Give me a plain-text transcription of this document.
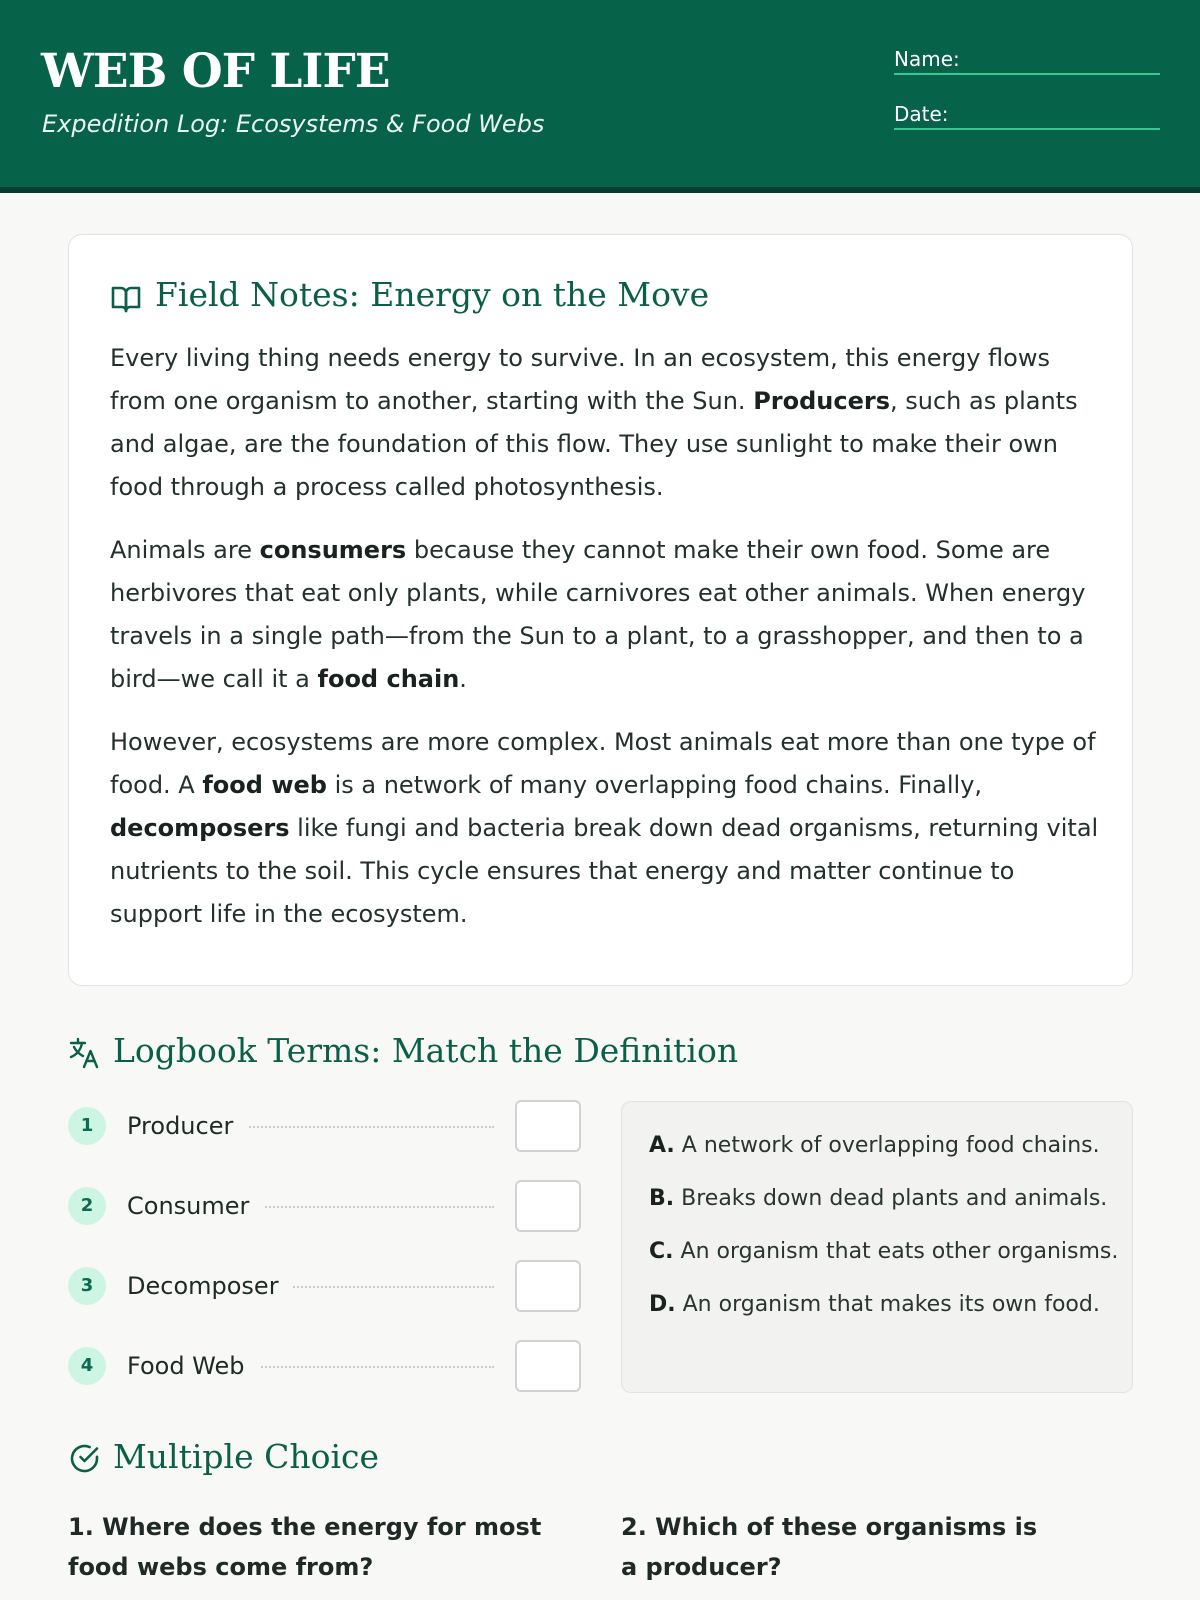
WEB OF LIFE
Expedition Log: Ecosystems & Food Webs
Name:
Date:
Field Notes: Energy on the Move

Every living thing needs energy to survive. In an ecosystem, this energy flows from one organism to another, starting with the Sun. Producers, such as plants and algae, are the foundation of this flow. They use sunlight to make their own food through a process called photosynthesis.

Animals are consumers because they cannot make their own food. Some are herbivores that eat only plants, while carnivores eat other animals. When energy travels in a single path—from the Sun to a plant, to a grasshopper, and then to a bird—we call it a food chain.

However, ecosystems are more complex. Most animals eat more than one type of food. A food web is a network of many overlapping food chains. Finally, decomposers like fungi and bacteria break down dead organisms, returning vital nutrients to the soil. This cycle ensures that energy and matter continue to support life in the ecosystem.

Logbook Terms: Match the Definition
1	Producer
2	Consumer
3	Decomposer
4	Food Web
A. A network of overlapping food chains.
B. Breaks down dead plants and animals.
C. An organism that eats other organisms.
D. An organism that makes its own food.
Multiple Choice
1. Where does the energy for most food webs come from?
2. Which of these organisms is a producer?
